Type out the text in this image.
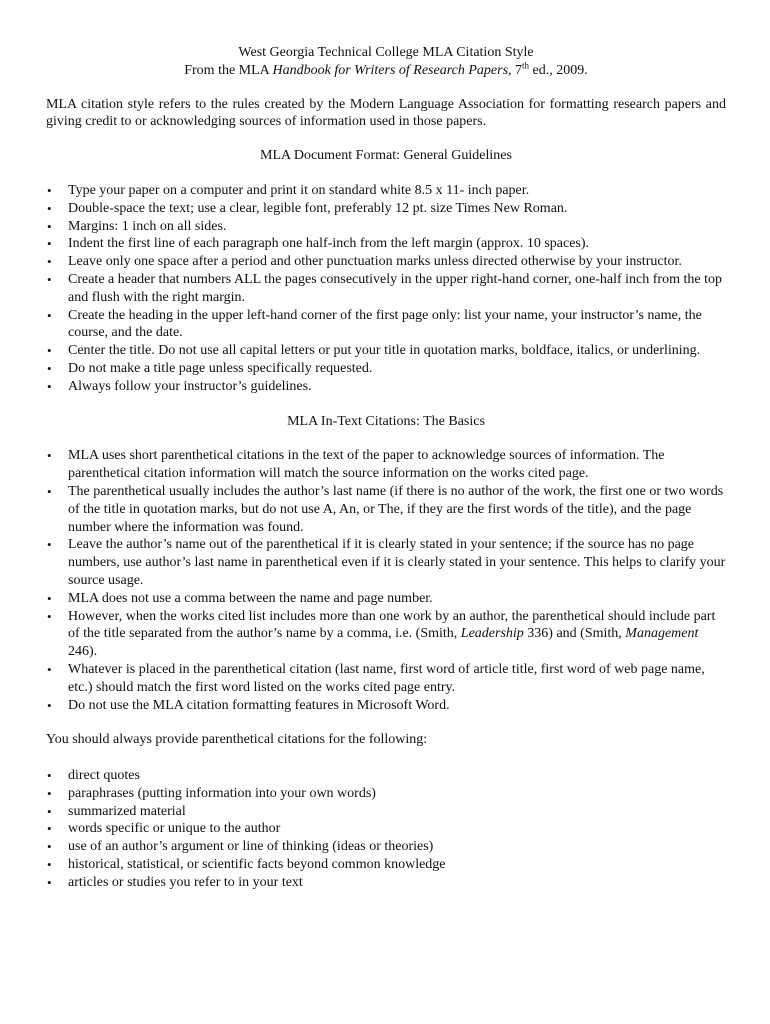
West Georgia Technical College MLA Citation Style
From the MLA Handbook for Writers of Research Papers, 7th ed., 2009.

MLA citation style refers to the rules created by the Modern Language Association for formatting research papers and giving credit to or acknowledging sources of information used in those papers.

MLA Document Format: General Guidelines
• Type your paper on a computer and print it on standard white 8.5 x 11- inch paper.
• Double-space the text; use a clear, legible font, preferably 12 pt. size Times New Roman.
• Margins: 1 inch on all sides.
• Indent the first line of each paragraph one half-inch from the left margin (approx. 10 spaces).
• Leave only one space after a period and other punctuation marks unless directed otherwise by your instructor.
• Create a header that numbers ALL the pages consecutively in the upper right-hand corner, one-half inch from the top and flush with the right margin.
• Create the heading in the upper left-hand corner of the first page only: list your name, your instructor’s name, the course, and the date.
• Center the title. Do not use all capital letters or put your title in quotation marks, boldface, italics, or underlining.
• Do not make a title page unless specifically requested.
• Always follow your instructor’s guidelines.
MLA In-Text Citations: The Basics
• MLA uses short parenthetical citations in the text of the paper to acknowledge sources of information. The parenthetical citation information will match the source information on the works cited page.
• The parenthetical usually includes the author’s last name (if there is no author of the work, the first one or two words of the title in quotation marks, but do not use A, An, or The, if they are the first words of the title), and the page number where the information was found.
• Leave the author’s name out of the parenthetical if it is clearly stated in your sentence; if the source has no page numbers, use author’s last name in parenthetical even if it is clearly stated in your sentence. This helps to clarify your source usage.
• MLA does not use a comma between the name and page number.
• However, when the works cited list includes more than one work by an author, the parenthetical should include part of the title separated from the author’s name by a comma, i.e. (Smith, Leadership 336) and (Smith, Management 246).
• Whatever is placed in the parenthetical citation (last name, first word of article title, first word of web page name, etc.) should match the first word listed on the works cited page entry.
• Do not use the MLA citation formatting features in Microsoft Word.

You should always provide parenthetical citations for the following:

• direct quotes
• paraphrases (putting information into your own words)
• summarized material
• words specific or unique to the author
• use of an author’s argument or line of thinking (ideas or theories)
• historical, statistical, or scientific facts beyond common knowledge
• articles or studies you refer to in your text
